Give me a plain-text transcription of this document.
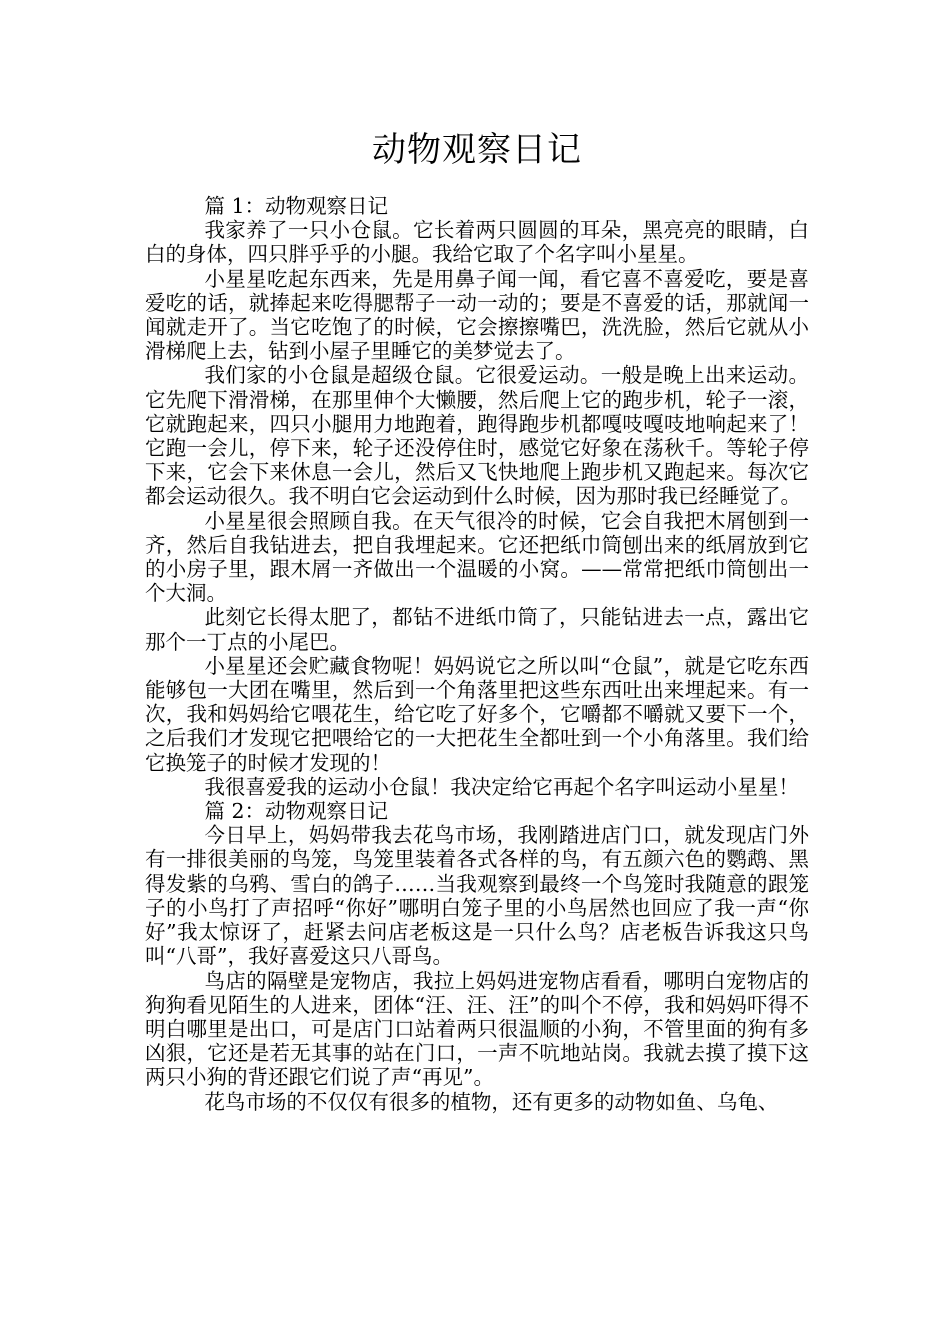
动物观察日记

篇 1：动物观察日记

我家养了一只小仓鼠。它长着两只圆圆的耳朵，黑亮亮的眼睛，白白的身体，四只胖乎乎的小腿。我给它取了个名字叫小星星。

小星星吃起东西来，先是用鼻子闻一闻，看它喜不喜爱吃，要是喜爱吃的话，就捧起来吃得腮帮子一动一动的；要是不喜爱的话，那就闻一闻就走开了。当它吃饱了的时候，它会擦擦嘴巴，洗洗脸，然后它就从小滑梯爬上去，钻到小屋子里睡它的美梦觉去了。

我们家的小仓鼠是超级仓鼠。它很爱运动。一般是晚上出来运动。它先爬下滑滑梯，在那里伸个大懒腰，然后爬上它的跑步机，轮子一滚，它就跑起来，四只小腿用力地跑着，跑得跑步机都嘎吱嘎吱地响起来了！它跑一会儿，停下来，轮子还没停住时，感觉它好象在荡秋千。等轮子停下来，它会下来休息一会儿，然后又飞快地爬上跑步机又跑起来。每次它都会运动很久。我不明白它会运动到什么时候，因为那时我已经睡觉了。

小星星很会照顾自我。在天气很冷的时候，它会自我把木屑刨到一齐，然后自我钻进去，把自我埋起来。它还把纸巾筒刨出来的纸屑放到它的小房子里，跟木屑一齐做出一个温暖的小窝。——常常把纸巾筒刨出一个大洞。

此刻它长得太肥了，都钻不进纸巾筒了，只能钻进去一点，露出它那个一丁点的小尾巴。

小星星还会贮藏食物呢！妈妈说它之所以叫“仓鼠”，就是它吃东西能够包一大团在嘴里，然后到一个角落里把这些东西吐出来埋起来。有一次，我和妈妈给它喂花生，给它吃了好多个，它嚼都不嚼就又要下一个，之后我们才发现它把喂给它的一大把花生全都吐到一个小角落里。我们给它换笼子的时候才发现的！

我很喜爱我的运动小仓鼠！我决定给它再起个名字叫运动小星星！

篇 2：动物观察日记

今日早上，妈妈带我去花鸟市场，我刚踏进店门口，就发现店门外有一排很美丽的鸟笼，鸟笼里装着各式各样的鸟，有五颜六色的鹦鹉、黑得发紫的乌鸦、雪白的鸽子……当我观察到最终一个鸟笼时我随意的跟笼子的小鸟打了声招呼“你好”哪明白笼子里的小鸟居然也回应了我一声“你好”我太惊讶了，赶紧去问店老板这是一只什么鸟？店老板告诉我这只鸟叫“八哥”，我好喜爱这只八哥鸟。

鸟店的隔壁是宠物店，我拉上妈妈进宠物店看看，哪明白宠物店的狗狗看见陌生的人进来，团体“汪、汪、汪”的叫个不停，我和妈妈吓得不明白哪里是出口，可是店门口站着两只很温顺的小狗，不管里面的狗有多凶狠，它还是若无其事的站在门口，一声不吭地站岗。我就去摸了摸下这两只小狗的背还跟它们说了声“再见”。

花鸟市场的不仅仅有很多的植物，还有更多的动物如鱼、乌龟、
